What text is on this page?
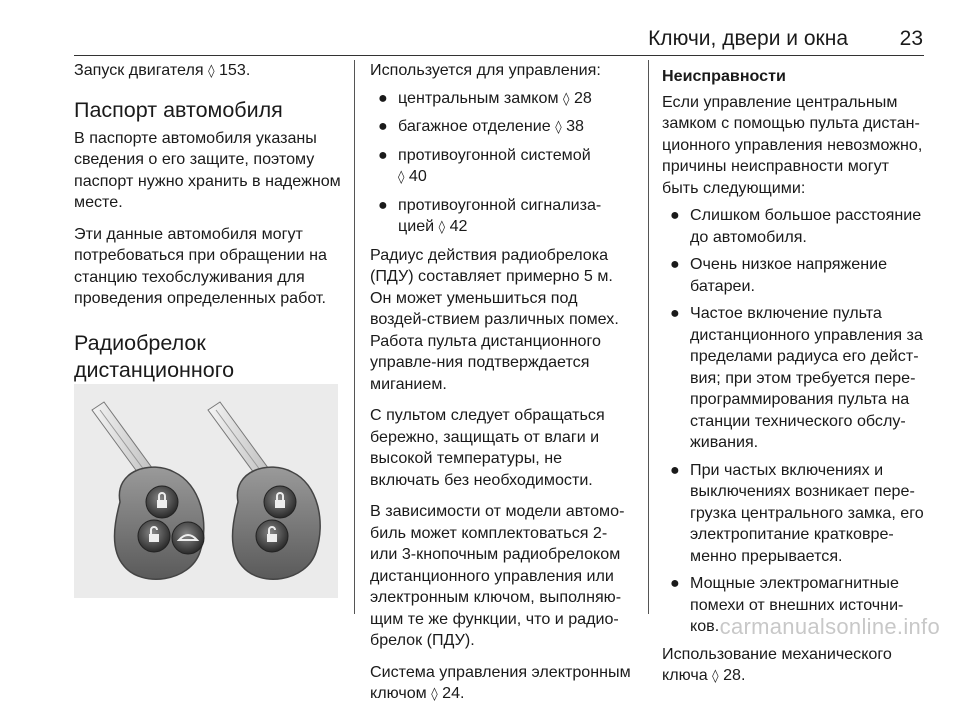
Ключи, двери и окна 23

Запуск двигателя ◊ 153.

Паспорт автомобиля

В паспорте автомобиля указаны сведения о его защите, поэтому паспорт нужно хранить в надежном месте.

Эти данные автомобиля могут потребоваться при обращении на станцию техобслуживания для проведения определенных работ.

Радиобрелок
дистанционного

Используется для управления:

● центральным замком ◊ 28
● багажное отделение ◊ 38
● противоугонной системой
◊ 40
● противоугонной сигнализа-цией ◊ 42

Радиус действия радиобрелока (ПДУ) составляет примерно 5 м. Он может уменьшиться под воздей-ствием различных помех. Работа пульта дистанционного управле-ния подтверждается миганием.

С пультом следует обращаться бережно, защищать от влаги и высокой температуры, не включать без необходимости.

В зависимости от модели автомо-биль может комплектоваться 2- или 3-кнопочным радиобрелоком дистанционного управления или электронным ключом, выполняю-щим те же функции, что и радио-брелок (ПДУ).

Система управления электронным ключом ◊ 24.

Неисправности

Если управление центральным замком с помощью пульта дистан-ционного управления невозможно, причины неисправности могут быть следующими:

● Слишком большое расстояние до автомобиля.
● Очень низкое напряжение батареи.
● Частое включение пульта дистанционного управления за пределами радиуса его дейст-вия; при этом требуется пере-программирования пульта на станции технического обслу-живания.
● При частых включениях и выключениях возникает пере-грузка центрального замка, его электропитание кратковре-менно прерывается.
● Мощные электромагнитные помехи от внешних источни-ков.

Использование механического ключа ◊ 28.

carmanualsonline.info
